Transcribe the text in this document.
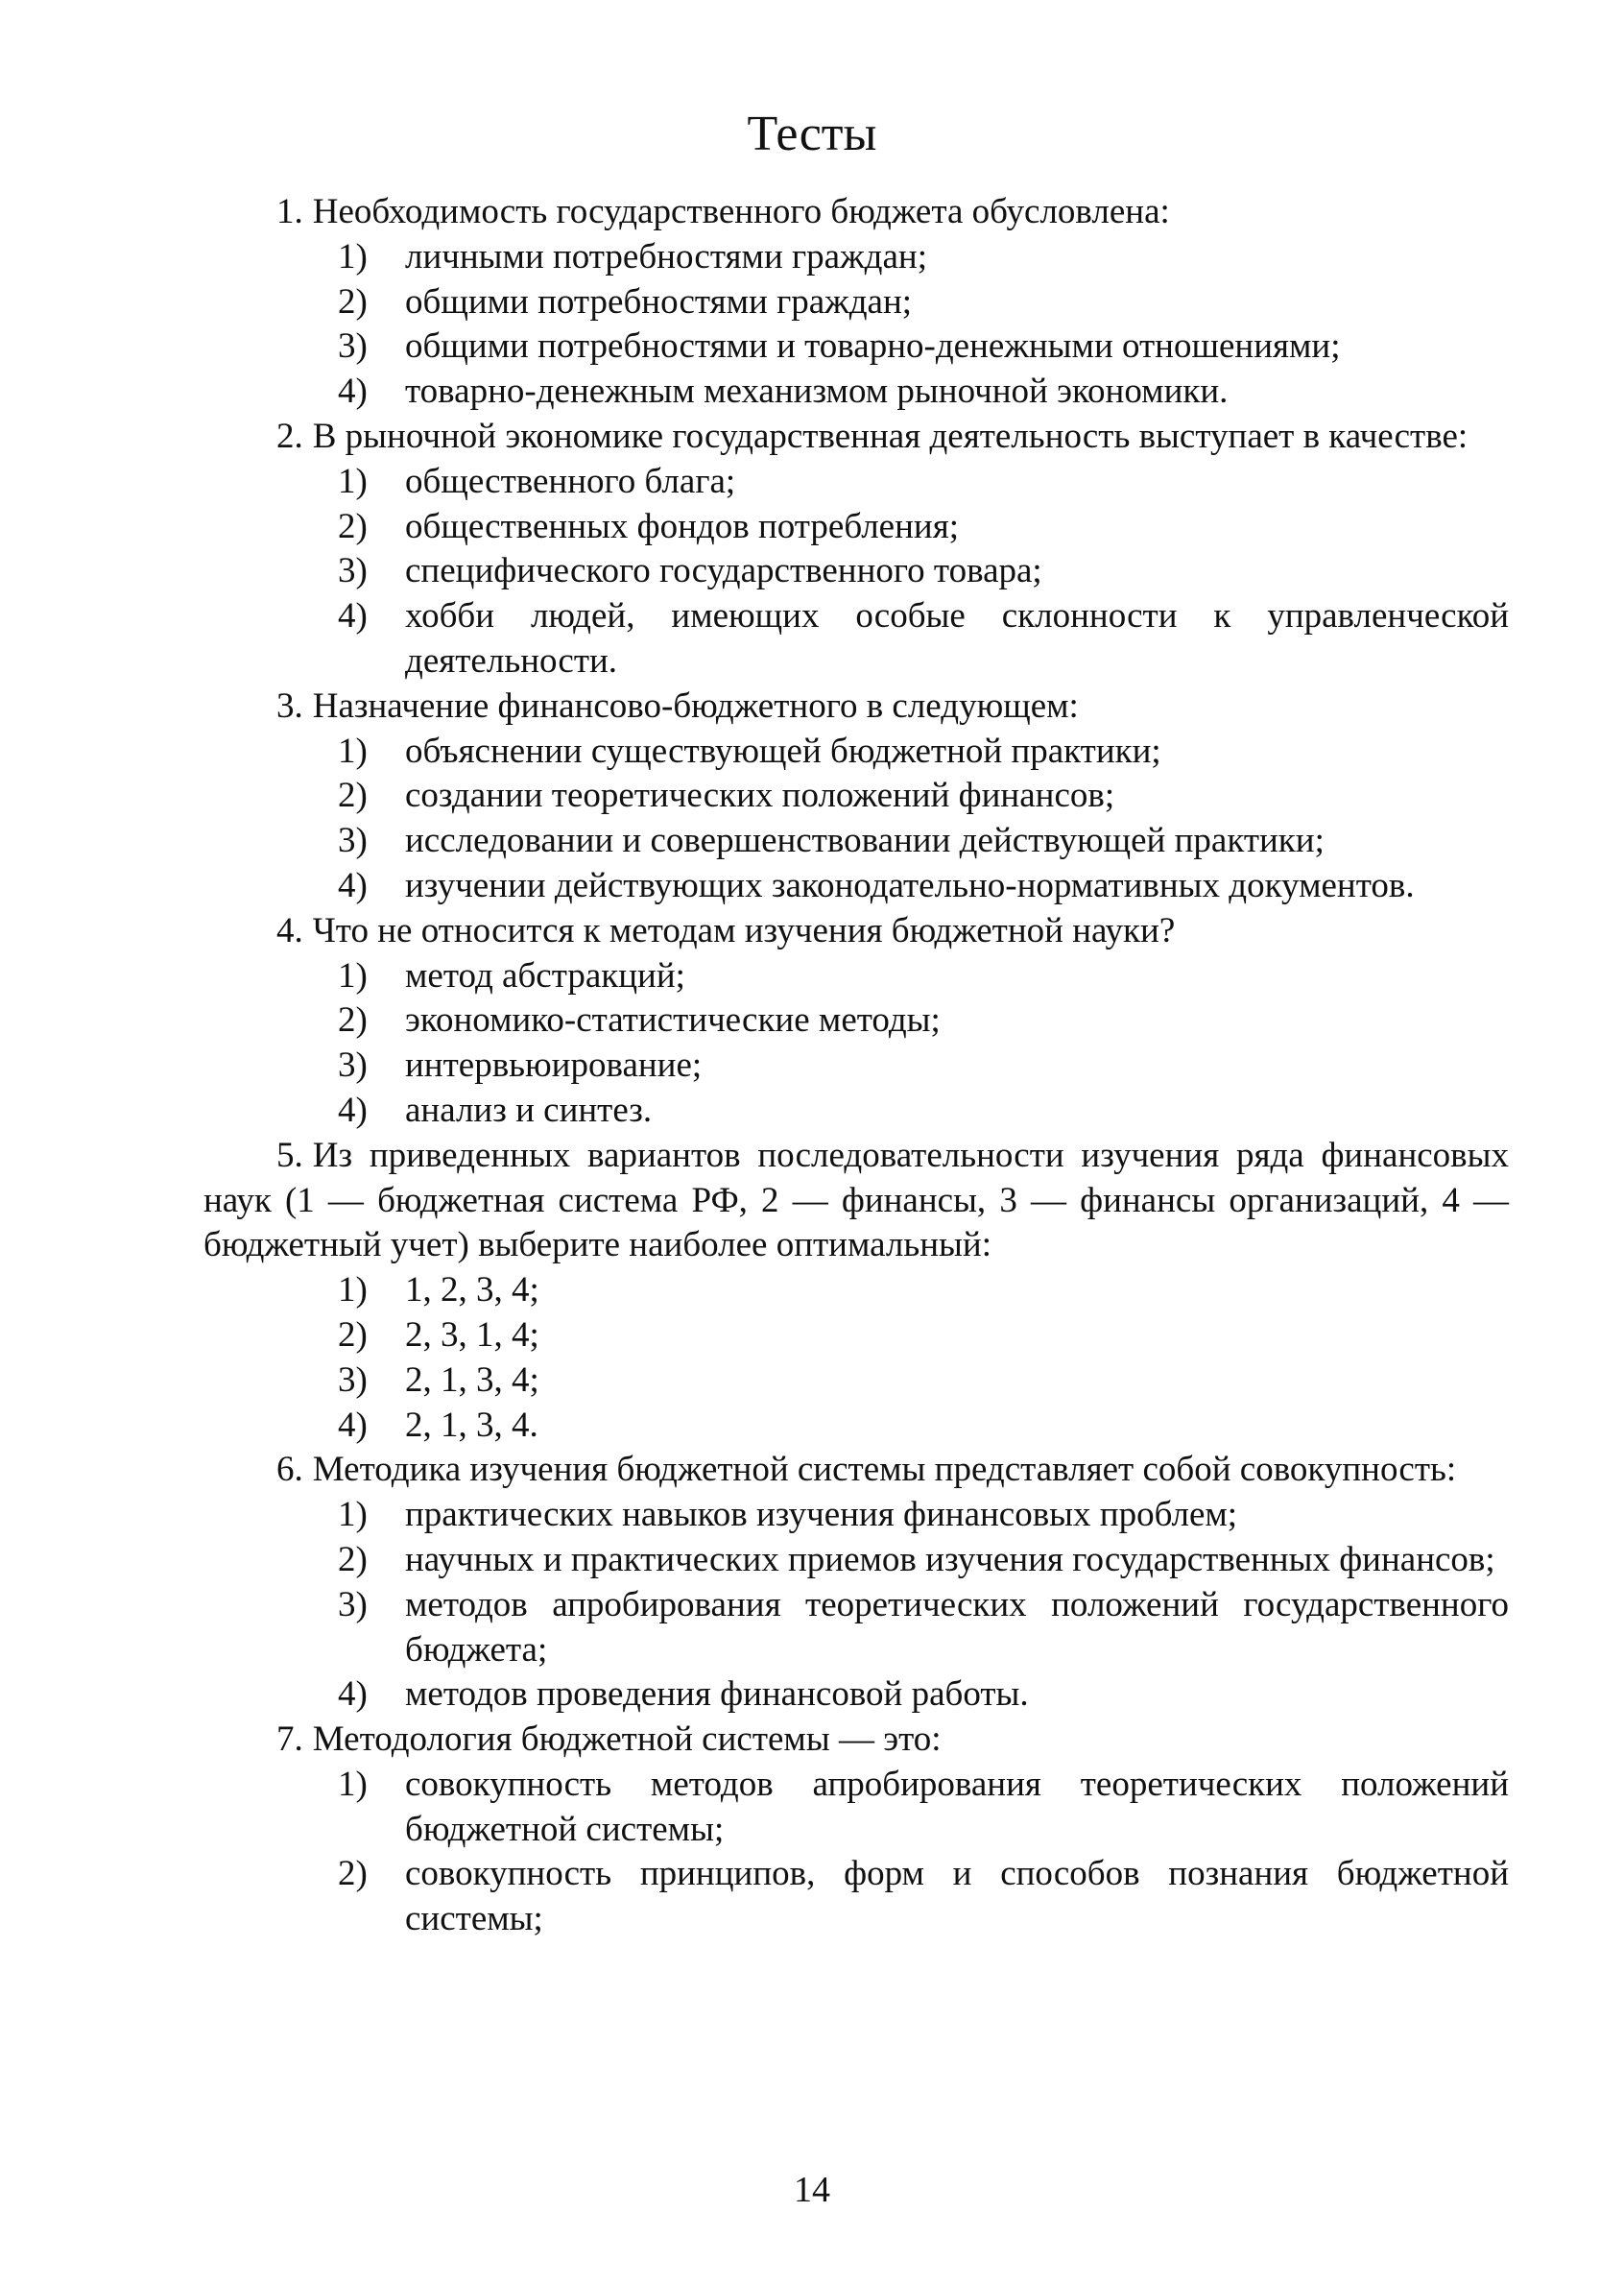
Тесты

1. Необходимость государственного бюджета обусловлена:

1)	личными потребностями граждан;
2)	общими потребностями граждан;
3)	общими потребностями и товарно-денежными отношениями;
4)	товарно-денежным механизмом рыночной экономики.

2. В рыночной экономике государственная деятельность выступает в качестве:

1)	общественного блага;
2)	общественных фондов потребления;
3)	специфического государственного товара;
4)	хобби людей, имеющих особые склонности к управленческой деятельности.

3. Назначение финансово-бюджетного в следующем:

1)	объяснении существующей бюджетной практики;
2)	создании теоретических положений финансов;
3)	исследовании и совершенствовании действующей практики;
4)	изучении действующих законодательно-нормативных документов.

4. Что не относится к методам изучения бюджетной науки?

1)	метод абстракций;
2)	экономико-статистические методы;
3)	интервьюирование;
4)	анализ и синтез.

5. Из приведенных вариантов последовательности изучения ряда финансовых наук (1 — бюджетная система РФ, 2 — финансы, 3 — финансы организаций, 4 — бюджетный учет) выберите наиболее оптимальный:

1)	1, 2, 3, 4;
2)	2, 3, 1, 4;
3)	2, 1, 3, 4;
4)	2, 1, 3, 4.

6. Методика изучения бюджетной системы представляет собой совокупность:

1)	практических навыков изучения финансовых проблем;
2)	научных и практических приемов изучения государственных финансов;
3)	методов апробирования теоретических положений государственного бюджета;
4)	методов проведения финансовой работы.

7. Методология бюджетной системы — это:

1)	совокупность методов апробирования теоретических положений бюджетной системы;
2)	совокупность принципов, форм и способов познания бюджетной системы;
14
